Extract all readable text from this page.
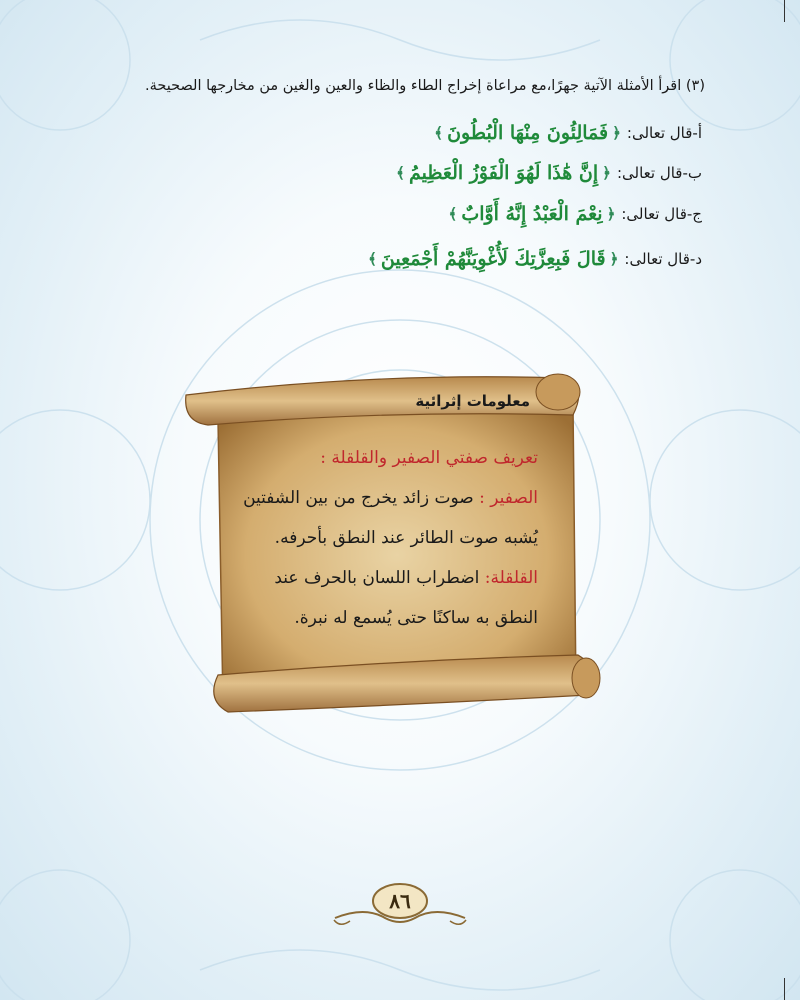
(٣) اقرأ الأمثلة الآتية جهرًا،مع مراعاة إخراج الطاء والظاء والعين والغين من مخارجها الصحيحة.
أ-قال تعالى:
﴿
فَمَالِئُونَ مِنْهَا الْبُطُونَ
﴾
ب-قال تعالى:
﴿
إِنَّ هَٰذَا لَهُوَ الْفَوْزُ الْعَظِيمُ
﴾
ج-قال تعالى:
﴿
نِعْمَ الْعَبْدُ إِنَّهُ أَوَّابٌ
﴾
د-قال تعالى:
﴿
قَالَ فَبِعِزَّتِكَ لَأُغْوِيَنَّهُمْ أَجْمَعِينَ
﴾
معلومات إثرائية
تعريف صفتي الصفير والقلقلة :
الصفير : صوت زائد يخرج من بين الشفتين
يُشبه صوت الطائر عند النطق بأحرفه.
القلقلة: اضطراب اللسان بالحرف عند
النطق به ساكنًا حتى يُسمع له نبرة.
٨٦
